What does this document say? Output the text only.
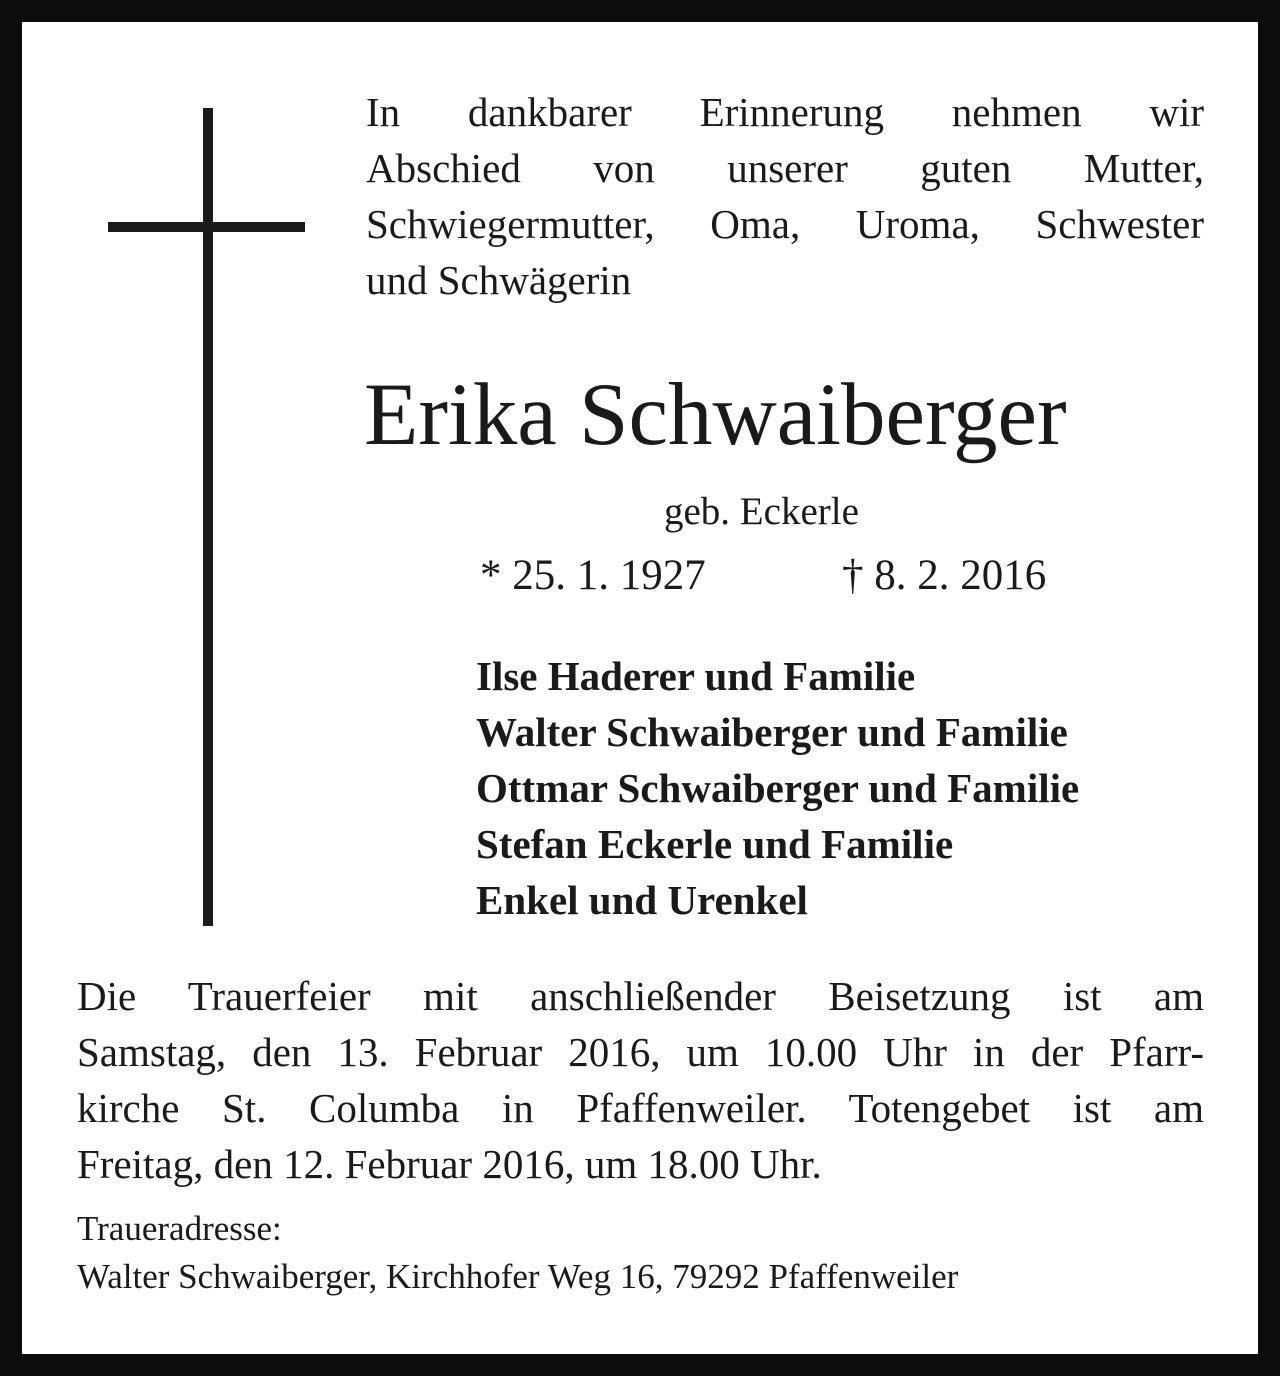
In dankbarer Erinnerung nehmen wir
Abschied von unserer guten Mutter,
Schwiegermutter, Oma, Uroma, Schwester
und Schwägerin
Erika Schwaiberger
geb. Eckerle
* 25. 1. 1927	† 8. 2. 2016
Ilse Haderer und Familie
Walter Schwaiberger und Familie
Ottmar Schwaiberger und Familie
Stefan Eckerle und Familie
Enkel und Urenkel
Die Trauerfeier mit anschließender Beisetzung ist am
Samstag, den 13. Februar 2016, um 10.00 Uhr in der Pfarr-
kirche St. Columba in Pfaffenweiler. Totengebet ist am
Freitag, den 12. Februar 2016, um 18.00 Uhr.
Traueradresse:
Walter Schwaiberger, Kirchhofer Weg 16, 79292 Pfaffenweiler
